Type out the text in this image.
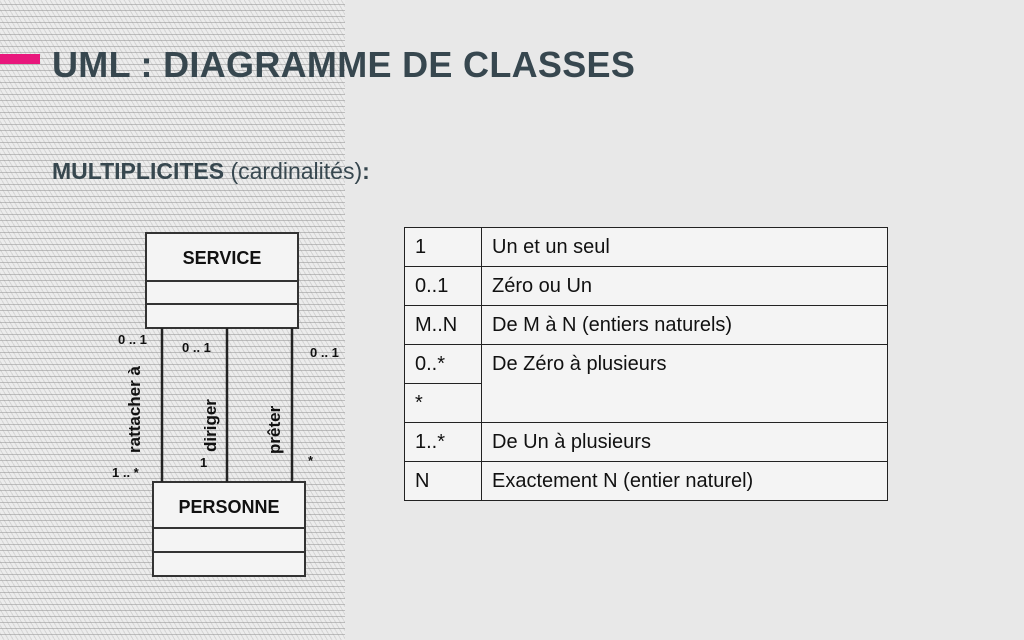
UML : DIAGRAMME DE CLASSES

MULTIPLICITES (cardinalités):

SERVICE
PERSONNE
rattacher à	diriger	prêter
0 .. 1
1 .. *
0 .. 1
1
0 .. 1
*
1	Un et un seul
0..1	Zéro ou Un
M..N	De M à N (entiers naturels)
0..*	De Zéro à plusieurs
*	
1..*	De Un à plusieurs
N	Exactement N (entier naturel)
